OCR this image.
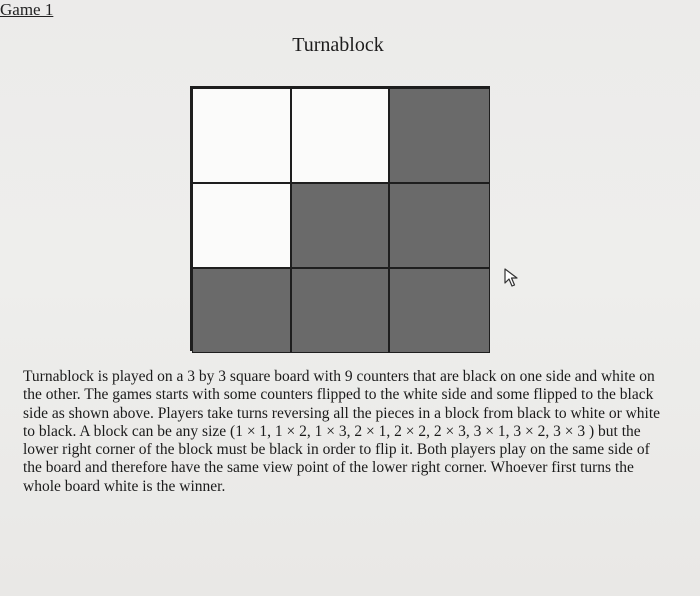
Game 1
Turnablock

Turnablock is played on a 3 by 3 square board with 9 counters that are black on one side and white on the other. The games starts with some counters flipped to the white side and some flipped to the black side as shown above. Players take turns reversing all the pieces in a block from black to white or white to black. A block can be any size (1 × 1, 1 × 2, 1 × 3, 2 × 1, 2 × 2, 2 × 3, 3 × 1, 3 × 2, 3 × 3 ) but the lower right corner of the block must be black in order to flip it. Both players play on the same side of the board and therefore have the same view point of the lower right corner. Whoever first turns the whole board white is the winner.
